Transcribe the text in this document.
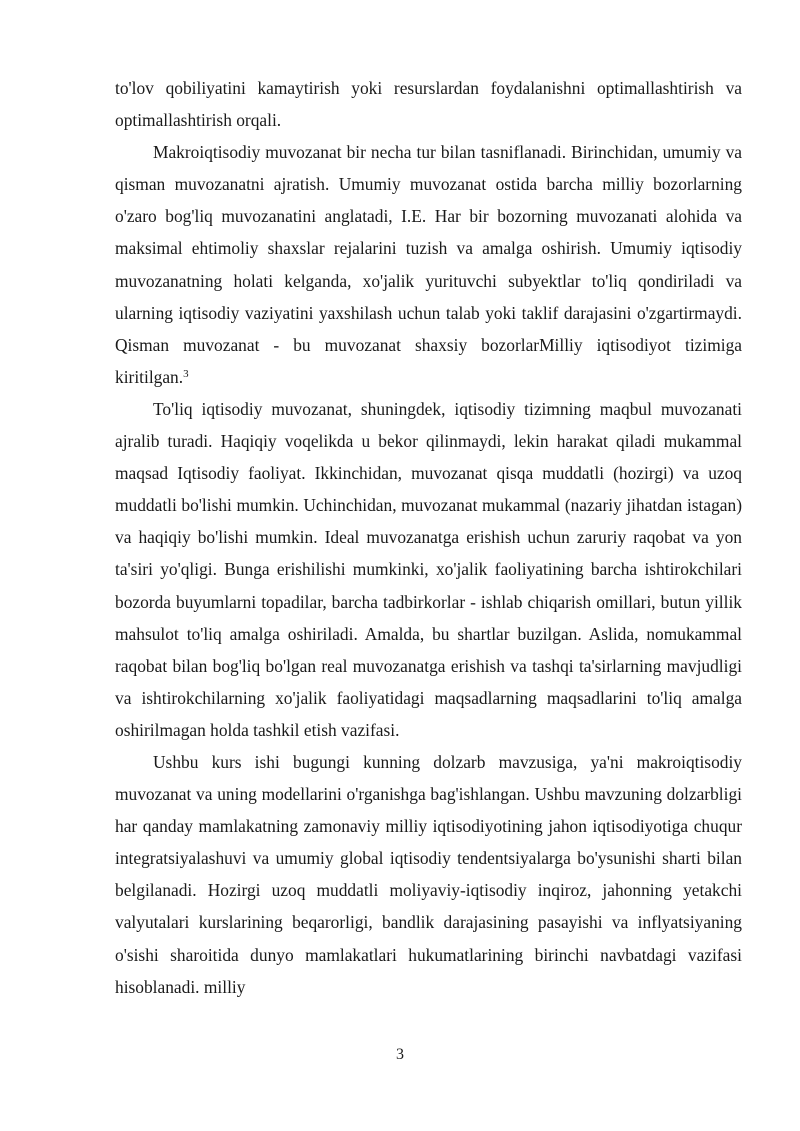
to'lov qobiliyatini kamaytirish yoki resurslardan foydalanishni optimallashtirish va optimallashtirish orqali.

Makroiqtisodiy muvozanat bir necha tur bilan tasniflanadi. Birinchidan, umumiy va qisman muvozanatni ajratish. Umumiy muvozanat ostida barcha milliy bozorlarning o'zaro bog'liq muvozanatini anglatadi, I.E. Har bir bozorning muvozanati alohida va maksimal ehtimoliy shaxslar rejalarini tuzish va amalga oshirish. Umumiy iqtisodiy muvozanatning holati kelganda, xo'jalik yurituvchi subyektlar to'liq qondiriladi va ularning iqtisodiy vaziyatini yaxshilash uchun talab yoki taklif darajasini o'zgartirmaydi. Qisman muvozanat - bu muvozanat shaxsiy bozorlarMilliy iqtisodiyot tizimiga kiritilgan.$^3$

To'liq iqtisodiy muvozanat, shuningdek, iqtisodiy tizimning maqbul muvozanati ajralib turadi. Haqiqiy voqelikda u bekor qilinmaydi, lekin harakat qiladi mukammal maqsad Iqtisodiy faoliyat. Ikkinchidan, muvozanat qisqa muddatli (hozirgi) va uzoq muddatli bo'lishi mumkin. Uchinchidan, muvozanat mukammal (nazariy jihatdan istagan) va haqiqiy bo'lishi mumkin. Ideal muvozanatga erishish uchun zaruriy raqobat va yon ta'siri yo'qligi. Bunga erishilishi mumkinki, xo'jalik faoliyatining barcha ishtirokchilari bozorda buyumlarni topadilar, barcha tadbirkorlar - ishlab chiqarish omillari, butun yillik mahsulot to'liq amalga oshiriladi. Amalda, bu shartlar buzilgan. Aslida, nomukammal raqobat bilan bog'liq bo'lgan real muvozanatga erishish va tashqi ta'sirlarning mavjudligi va ishtirokchilarning xo'jalik faoliyatidagi maqsadlarning maqsadlarini to'liq amalga oshirilmagan holda tashkil etish vazifasi.

Ushbu kurs ishi bugungi kunning dolzarb mavzusiga, ya'ni makroiqtisodiy muvozanat va uning modellarini o'rganishga bag'ishlangan. Ushbu mavzuning dolzarbligi har qanday mamlakatning zamonaviy milliy iqtisodiyotining jahon iqtisodiyotiga chuqur integratsiyalashuvi va umumiy global iqtisodiy tendentsiyalarga bo'ysunishi sharti bilan belgilanadi. Hozirgi uzoq muddatli moliyaviy-iqtisodiy inqiroz, jahonning yetakchi valyutalari kurslarining beqarorligi, bandlik darajasining pasayishi va inflyatsiyaning o'sishi sharoitida dunyo mamlakatlari hukumatlarining birinchi navbatdagi vazifasi hisoblanadi. milliy

3
